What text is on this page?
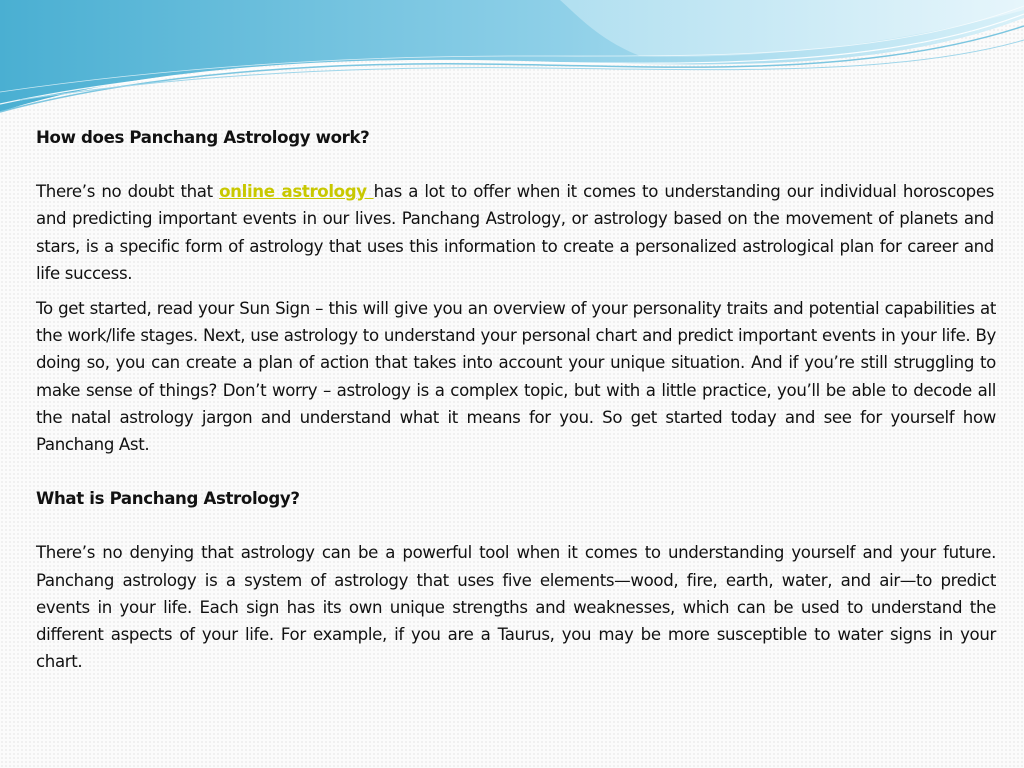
How does Panchang Astrology work?

There’s no doubt that online astrology has a lot to offer when it comes to understanding our individual horoscopes and predicting important events in our lives. Panchang Astrology, or astrology based on the movement of planets and stars, is a specific form of astrology that uses this information to create a personalized astrological plan for career and life success.

To get started, read your Sun Sign – this will give you an overview of your personality traits and potential capabilities at the work/life stages. Next, use astrology to understand your personal chart and predict important events in your life. By doing so, you can create a plan of action that takes into account your unique situation. And if you’re still struggling to make sense of things? Don’t worry – astrology is a complex topic, but with a little practice, you’ll be able to decode all the natal astrology jargon and understand what it means for you. So get started today and see for yourself how Panchang Ast.

What is Panchang Astrology?

There’s no denying that astrology can be a powerful tool when it comes to understanding yourself and your future. Panchang astrology is a system of astrology that uses five elements—wood, fire, earth, water, and air—to predict events in your life. Each sign has its own unique strengths and weaknesses, which can be used to understand the different aspects of your life. For example, if you are a Taurus, you may be more susceptible to water signs in your chart.
